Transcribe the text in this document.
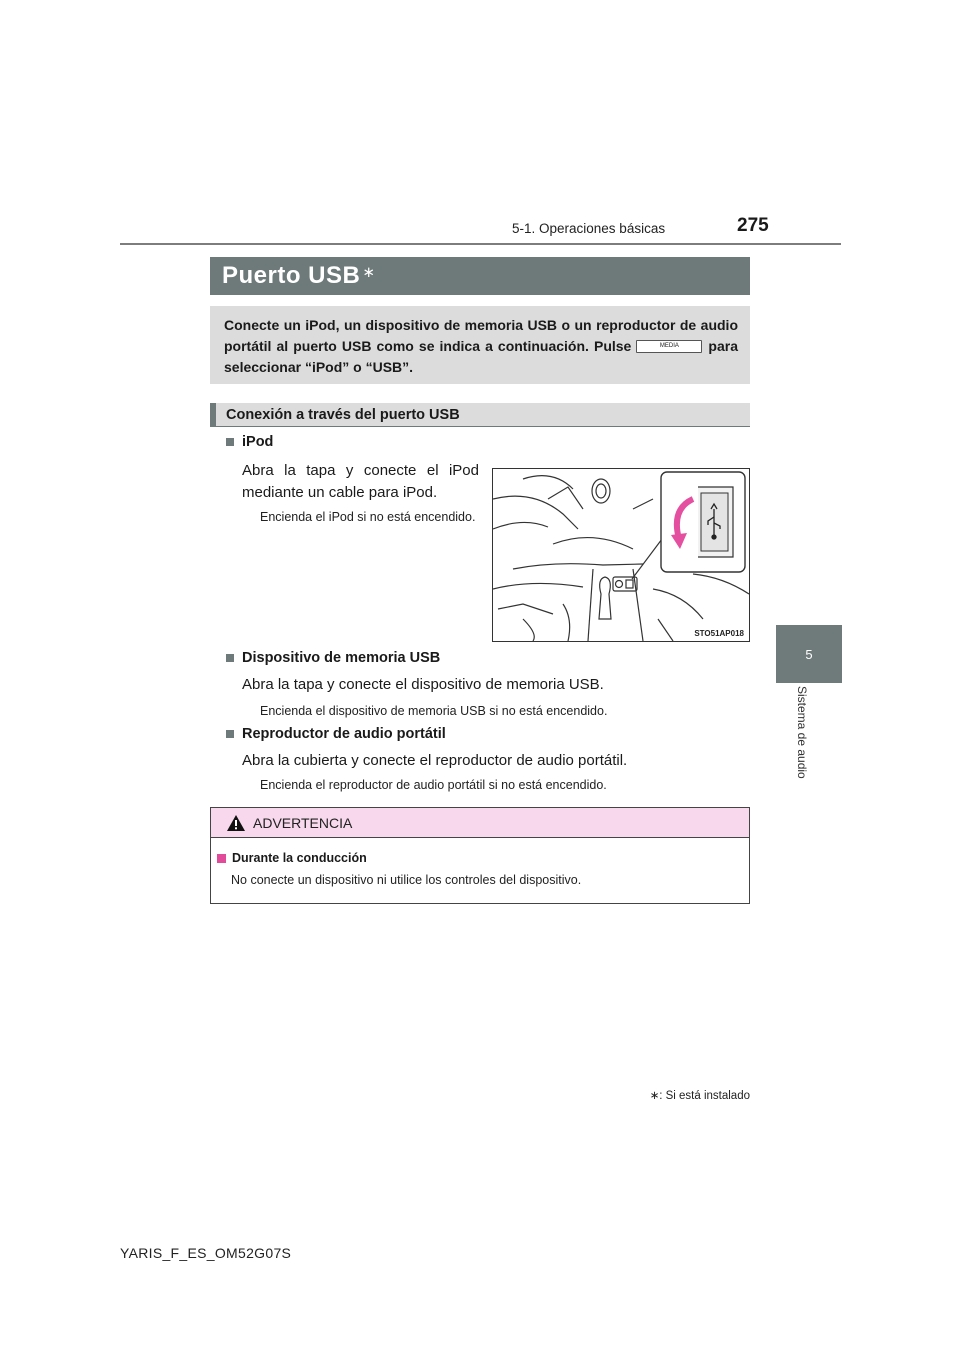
5-1. Operaciones básicas	275
5
Sistema de audio
Puerto USB ∗
Conecte un iPod, un dispositivo de memoria USB o un reproductor de audio portátil al puerto USB como se indica a continuación. Pulse	MEDIA para seleccionar “iPod” o “USB”.
Conexión a través del puerto USB
iPod
Abra la tapa y conecte el iPod mediante un cable para iPod.
Encienda el iPod si no está encendido.
STO51AP018
Dispositivo de memoria USB
Abra la tapa y conecte el dispositivo de memoria USB.
Encienda el dispositivo de memoria USB si no está encendido.
Reproductor de audio portátil
Abra la cubierta y conecte el reproductor de audio portátil.
Encienda el reproductor de audio portátil si no está encendido.
ADVERTENCIA
Durante la conducción
No conecte un dispositivo ni utilice los controles del dispositivo.
∗: Si está instalado
YARIS_F_ES_OM52G07S
